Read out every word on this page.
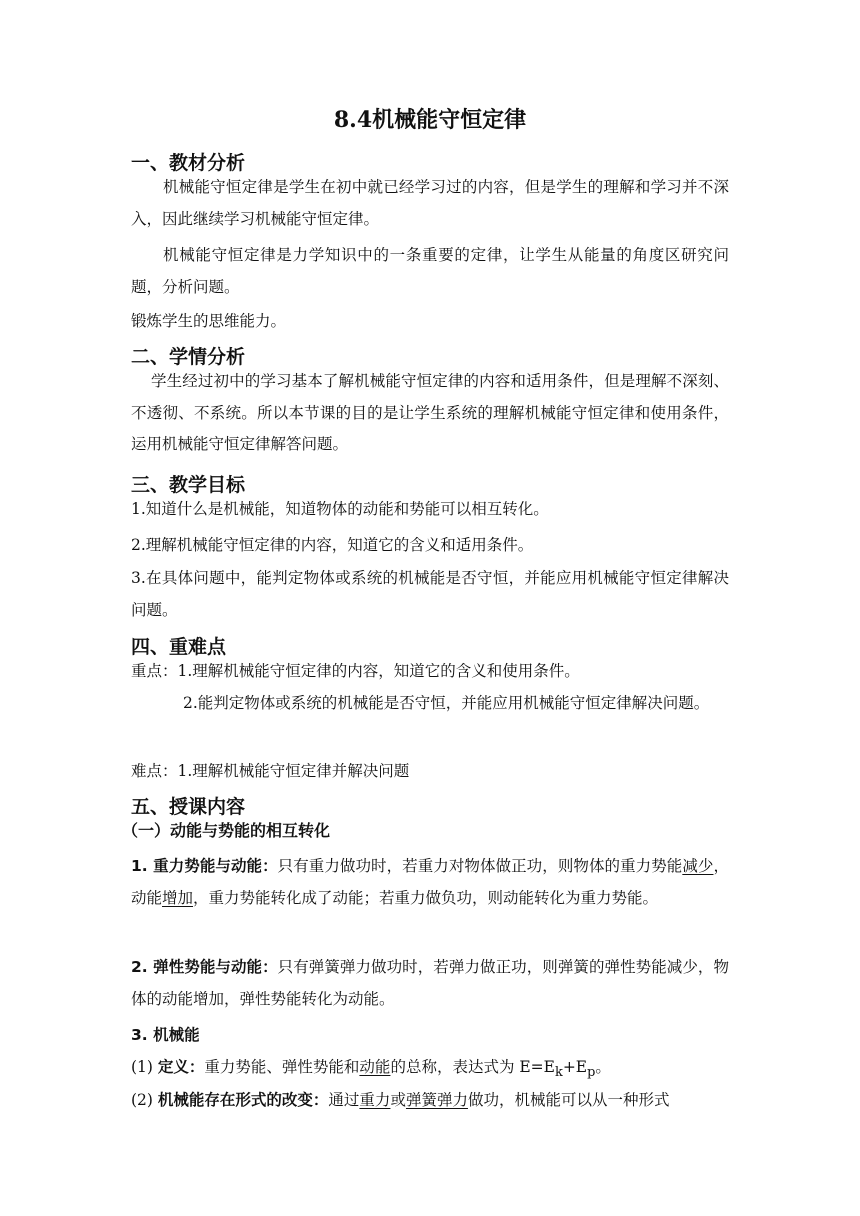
8.4机械能守恒定律
一、教材分析
机械能守恒定律是学生在初中就已经学习过的内容，但是学生的理解和学习并不深入，因此继续学习机械能守恒定律。
机械能守恒定律是力学知识中的一条重要的定律，让学生从能量的角度区研究问题，分析问题。
锻炼学生的思维能力。
二、学情分析
学生经过初中的学习基本了解机械能守恒定律的内容和适用条件，但是理解不深刻、不透彻、不系统。所以本节课的目的是让学生系统的理解机械能守恒定律和使用条件，运用机械能守恒定律解答问题。
三、教学目标
1.知道什么是机械能，知道物体的动能和势能可以相互转化。
2.理解机械能守恒定律的内容，知道它的含义和适用条件。
3.在具体问题中，能判定物体或系统的机械能是否守恒，并能应用机械能守恒定律解决问题。
四、重难点
重点：1.理解机械能守恒定律的内容，知道它的含义和使用条件。
2.能判定物体或系统的机械能是否守恒，并能应用机械能守恒定律解决问题。
难点：1.理解机械能守恒定律并解决问题
五、授课内容
（一）动能与势能的相互转化
1. 重力势能与动能：只有重力做功时，若重力对物体做正功，则物体的重力势能减少，动能增加，重力势能转化成了动能；若重力做负功，则动能转化为重力势能。
2. 弹性势能与动能：只有弹簧弹力做功时，若弹力做正功，则弹簧的弹性势能减少，物体的动能增加，弹性势能转化为动能。
3. 机械能
(1) 定义：重力势能、弹性势能和动能的总称，表达式为 $E=E_k+E_p$。
(2) 机械能存在形式的改变：通过重力或弹簧弹力做功，机械能可以从一种形式
